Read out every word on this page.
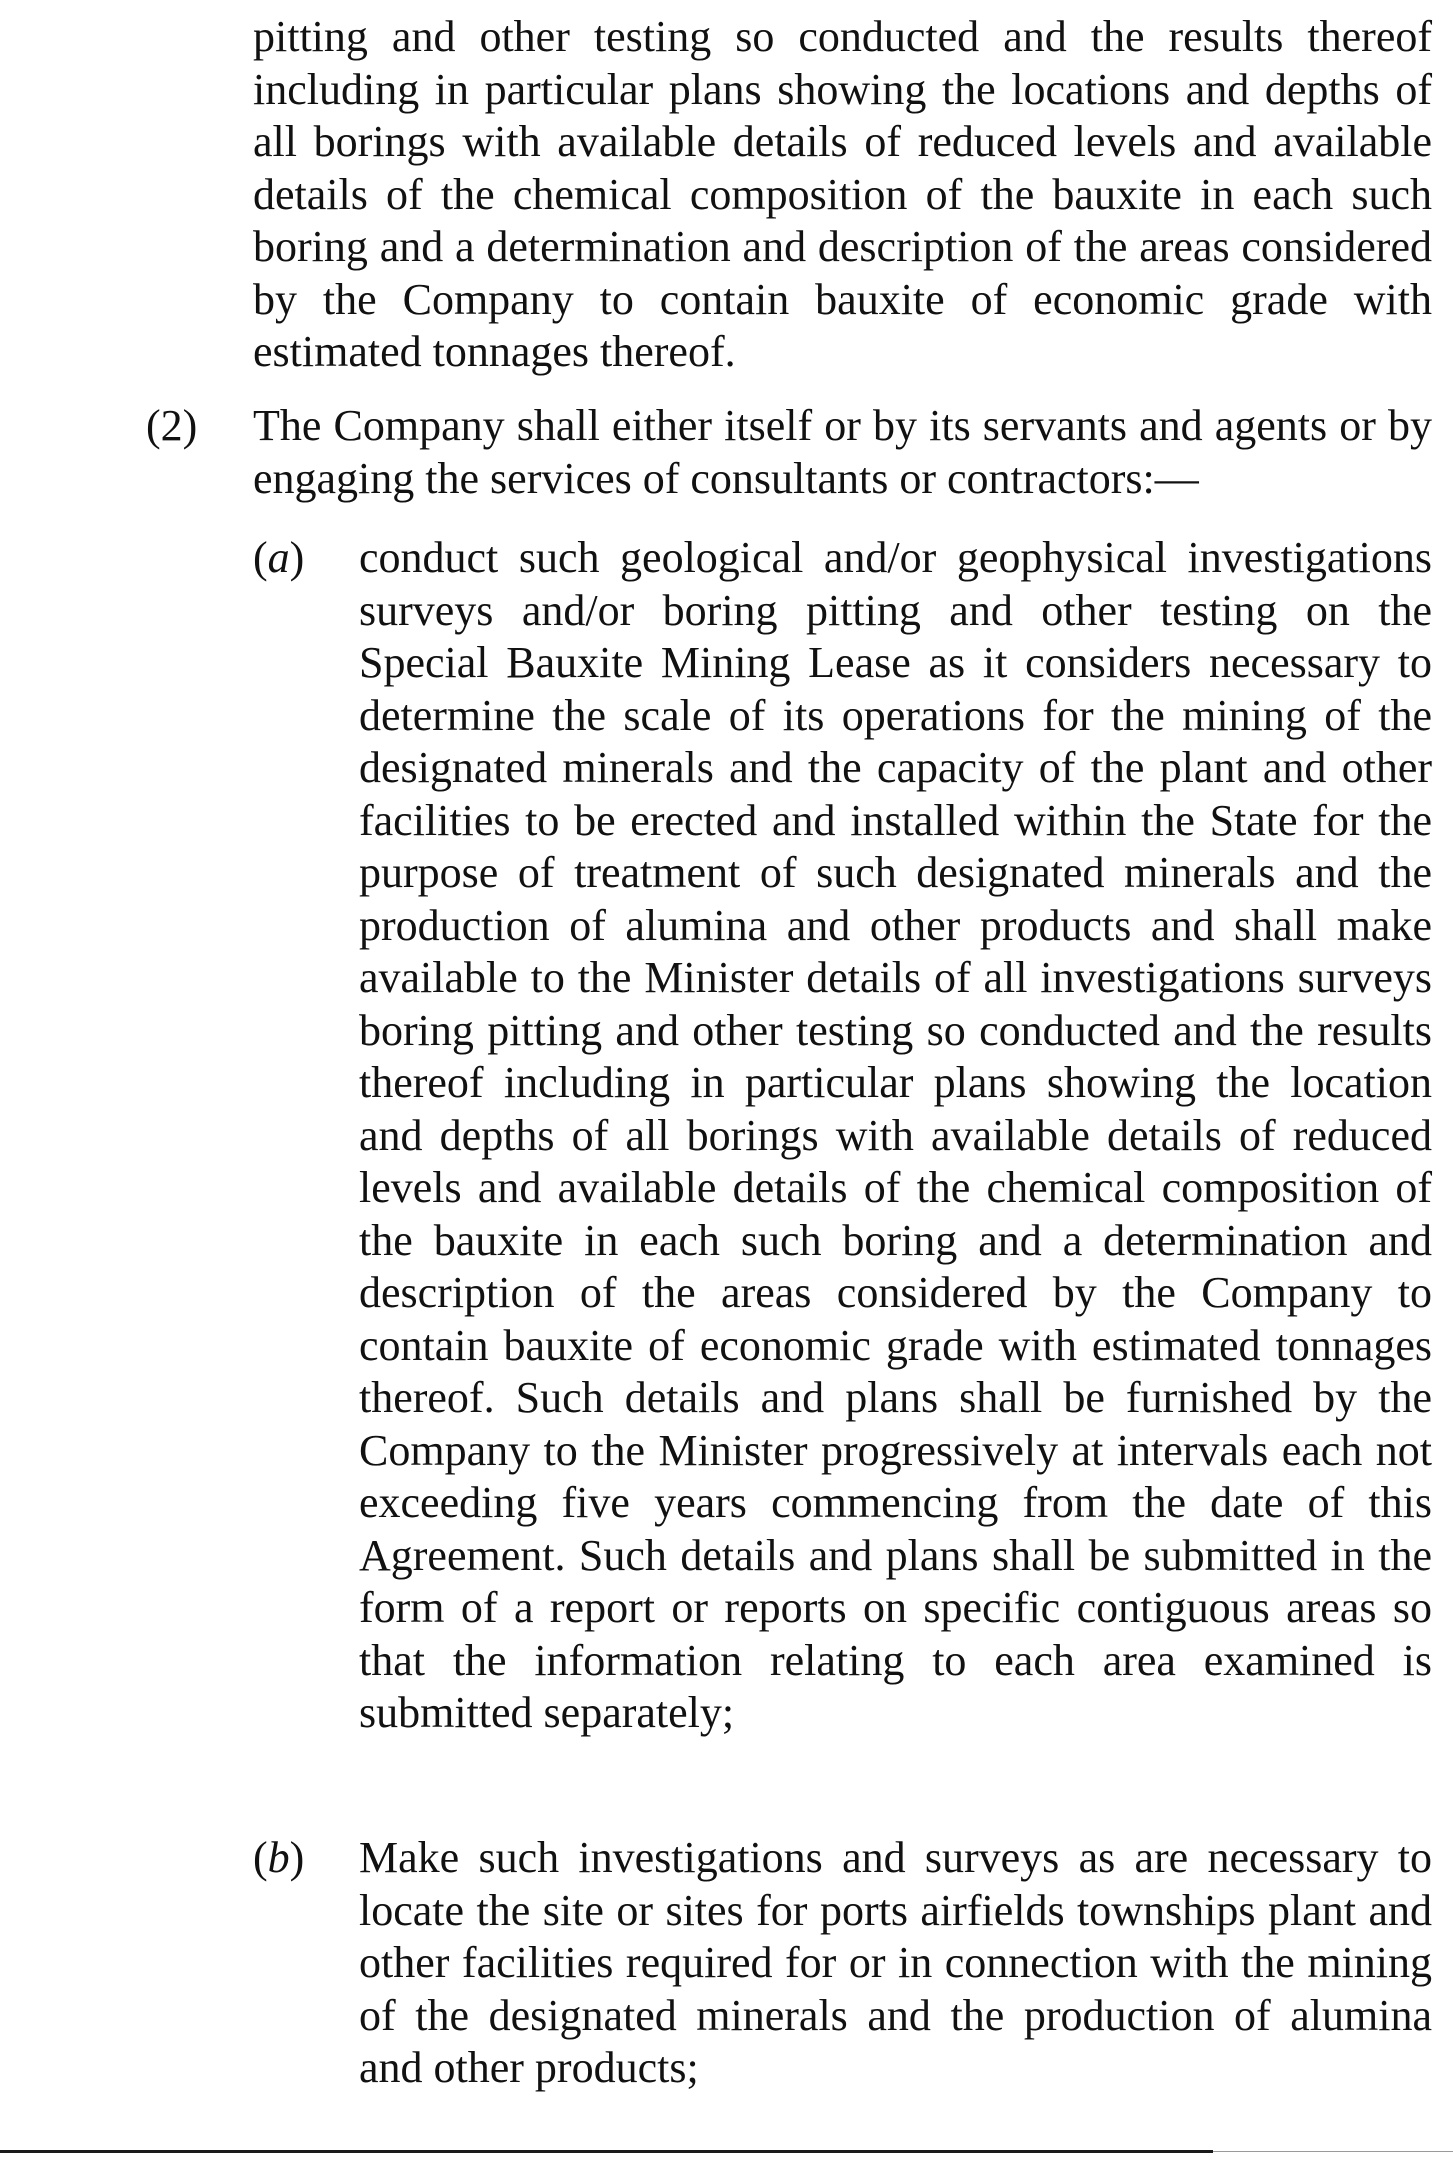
pitting and other testing so conducted and the results thereof including in particular plans showing the locations and depths of all borings with available details of reduced levels and available details of the chemical composition of the bauxite in each such boring and a determination and description of the areas considered by the Company to contain bauxite of economic grade with estimated tonnages thereof.

(2) The Company shall either itself or by its servants and agents or by engaging the services of consultants or contractors:—

(a) conduct such geological and/or geophysical investigations surveys and/or boring pitting and other testing on the Special Bauxite Mining Lease as it considers necessary to determine the scale of its operations for the mining of the designated minerals and the capacity of the plant and other facilities to be erected and installed within the State for the purpose of treatment of such designated minerals and the production of alumina and other products and shall make available to the Minister details of all investigations surveys boring pitting and other testing so conducted and the results thereof including in particular plans showing the location and depths of all borings with available details of reduced levels and available details of the chemical composition of the bauxite in each such boring and a determination and description of the areas considered by the Company to contain bauxite of economic grade with estimated tonnages thereof. Such details and plans shall be furnished by the Company to the Minister progressively at intervals each not exceeding five years commencing from the date of this Agreement. Such details and plans shall be submitted in the form of a report or reports on specific contiguous areas so that the information relating to each area examined is submitted separately;

(b) Make such investigations and surveys as are necessary to locate the site or sites for ports airfields townships plant and other facilities required for or in connection with the mining of the designated minerals and the production of alumina and other products;
